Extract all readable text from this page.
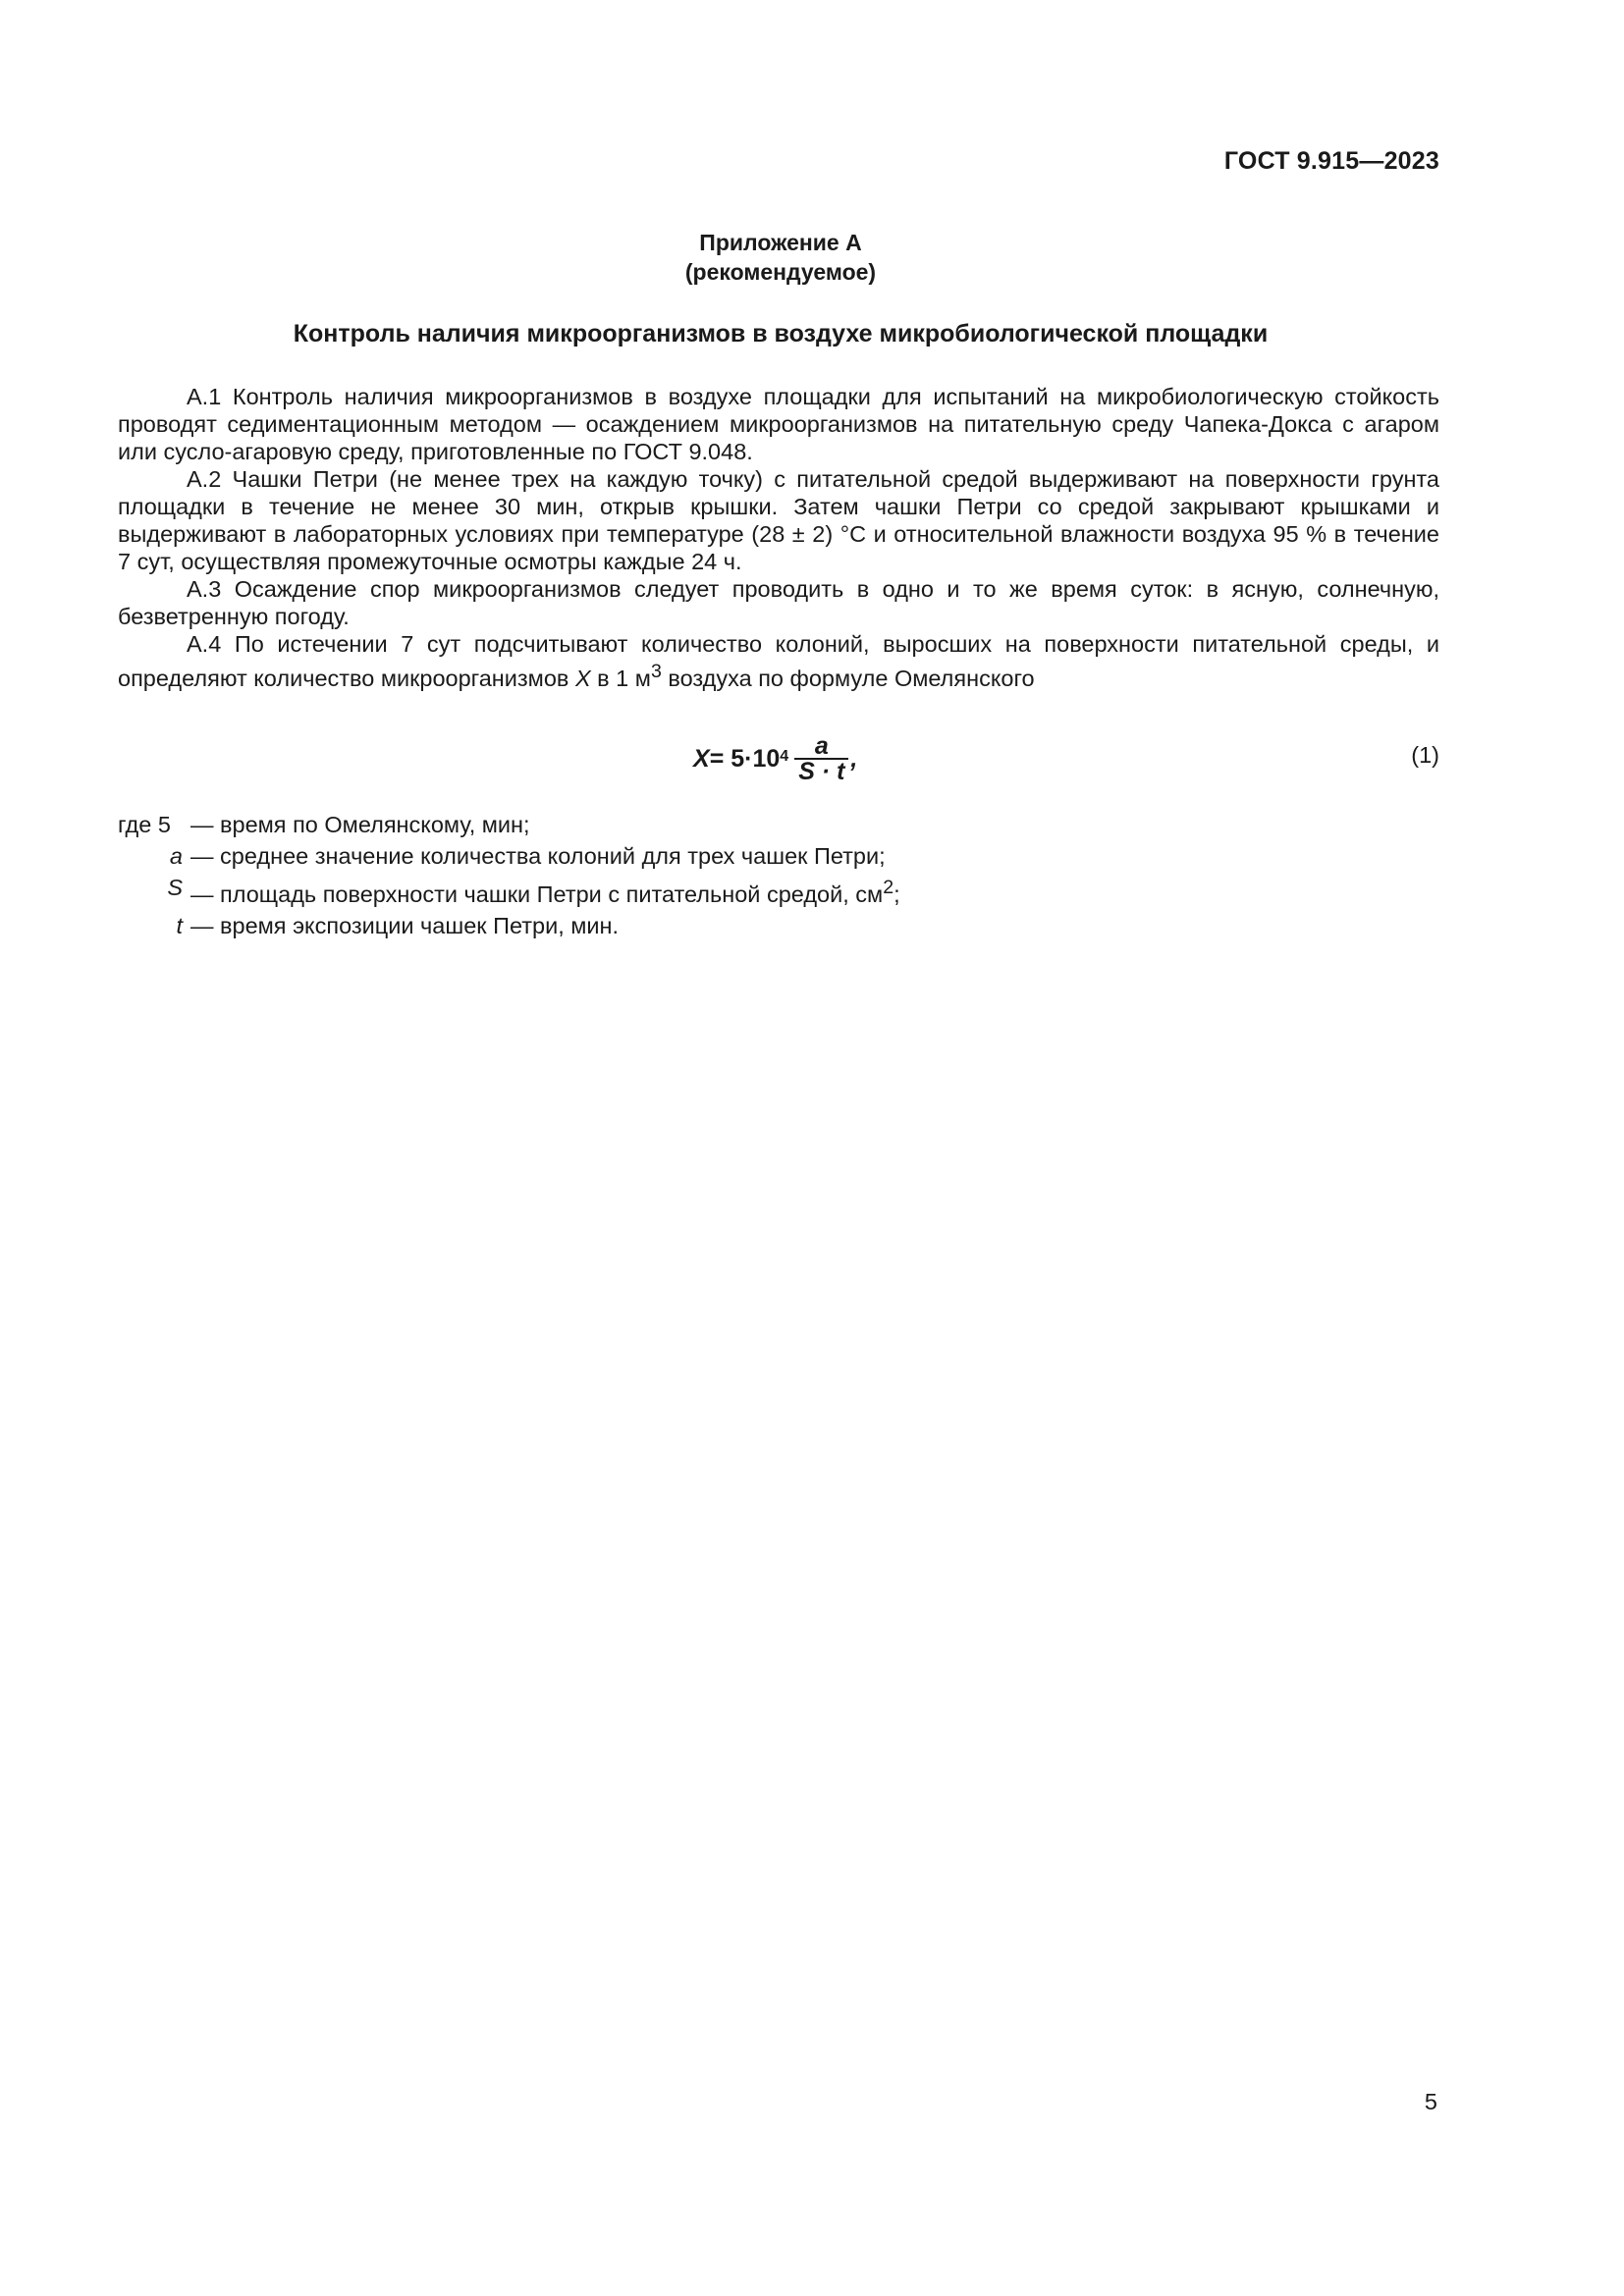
ГОСТ 9.915—2023
Приложение А
(рекомендуемое)
Контроль наличия микроорганизмов в воздухе микробиологической площадки

А.1 Контроль наличия микроорганизмов в воздухе площадки для испытаний на микробиологическую стойкость проводят седиментационным методом — осаждением микроорганизмов на питательную среду Чапека-Докса с агаром или сусло-агаровую среду, приготовленные по ГОСТ 9.048.

А.2 Чашки Петри (не менее трех на каждую точку) с питательной средой выдерживают на поверхности грунта площадки в течение не менее 30 мин, открыв крышки. Затем чашки Петри со средой закрывают крышками и выдерживают в лабораторных условиях при температуре (28 ± 2) °С и относительной влажности воздуха 95 % в течение 7 сут, осуществляя промежуточные осмотры каждые 24 ч.

А.3 Осаждение спор микроорганизмов следует проводить в одно и то же время суток: в ясную, солнечную, безветренную погоду.

А.4 По истечении 7 сут подсчитывают количество колоний, выросших на поверхности питательной среды, и определяют количество микроорганизмов X в 1 $м^3$ воздуха по формуле Омелянского

$X = 5\cdot 10^4 \frac{a}{S \cdot t}$ ,	(1)
где 5 — время по Омелянскому, мин;
a — среднее значение количества колоний для трех чашек Петри;
S — площадь поверхности чашки Петри с питательной средой, $см^2$;
t — время экспозиции чашек Петри, мин.
5
